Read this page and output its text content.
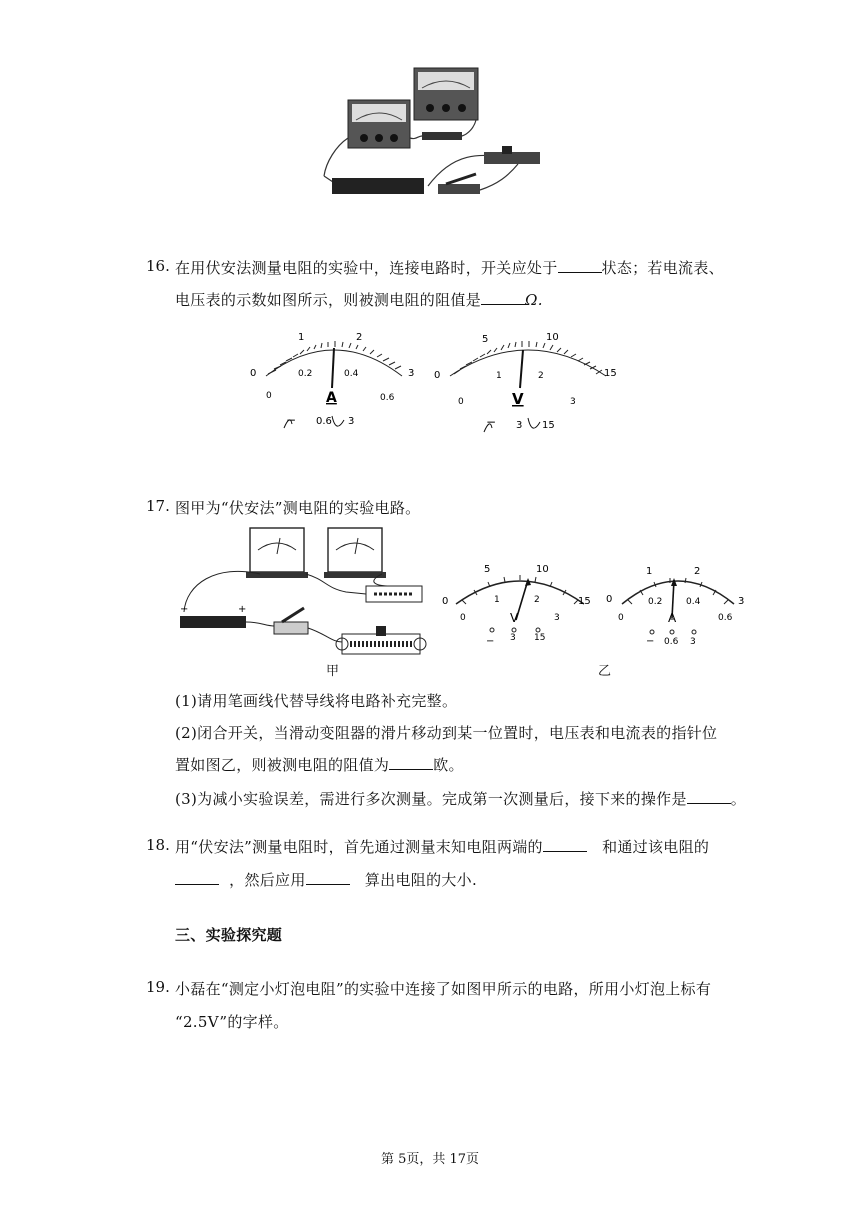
16. 在用伏安法测量电阻的实验中，连接电路时，开关应处于	状态；若电流表、
电压表的示数如图所示，则被测电阻的阻值是	Ω.
0
1	2
3
0
0.2	0.4
0.6
A
− 0.6 3
0
5	10
15
0
1	2
3
V
− 3 15
17. 图甲为“伏安法”测电阻的实验电路。
−	+
甲
0
5	10
15
0
1	2
3
V
− 3 15
0
1	2
3
0
0.2	0.4
0.6
A
− 0.6 3
乙
(1)请用笔画线代替导线将电路补充完整。
(2)闭合开关，当滑动变阻器的滑片移动到某一位置时，电压表和电流表的指针位
置如图乙，则被测电阻的阻值为	欧。
(3)为减小实验误差，需进行多次测量。完成第一次测量后，接下来的操作是	。
18. 用“伏安法”测量电阻时，首先通过测量末知电阻两端的	和通过该电阻的
，然后应用	算出电阻的大小.
三、实验探究题
19. 小磊在“测定小灯泡电阻”的实验中连接了如图甲所示的电路，所用小灯泡上标有
“2.5V”的字样。
第 5页，共 17页
